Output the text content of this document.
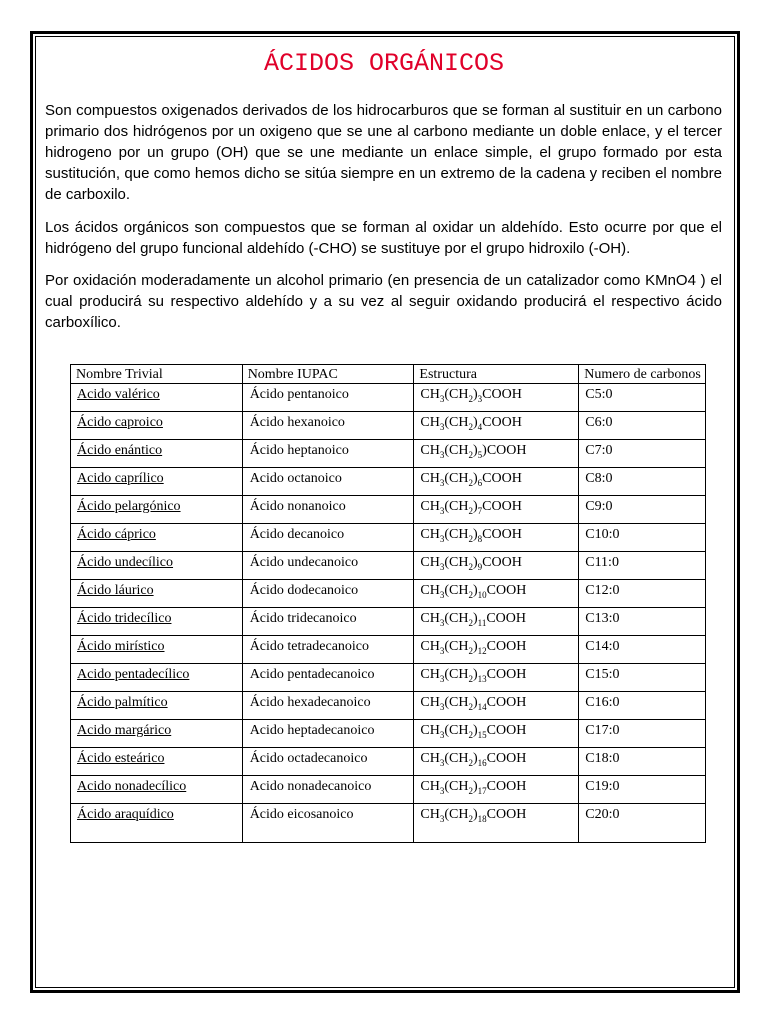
ÁCIDOS ORGÁNICOS

Son compuestos oxigenados derivados de los hidrocarburos que se forman al sustituir en un carbono primario dos hidrógenos por un oxigeno que se une al carbono mediante un doble enlace, y el tercer hidrogeno por un grupo (OH) que se une mediante un enlace simple, el grupo formado por esta sustitución, que como hemos dicho se sitúa siempre en un extremo de la cadena y reciben el nombre de carboxilo.

Los ácidos orgánicos son compuestos que se forman al oxidar un aldehído. Esto ocurre por que el hidrógeno del grupo funcional aldehído (-CHO) se sustituye por el grupo hidroxilo (-OH).

Por oxidación moderadamente un alcohol primario (en presencia de un catalizador como KMnO4 ) el cual producirá su respectivo aldehído y a su vez al seguir oxidando producirá el respectivo ácido carboxílico.

Nombre Trivial	Nombre IUPAC	Estructura	Numero de carbonos
Acido valérico	Ácido pentanoico	$CH_3(CH_2)_3COOH$	C5:0
Ácido caproico	Ácido hexanoico	$CH_3(CH_2)_4COOH$	C6:0
Ácido enántico	Ácido heptanoico	$CH_3(CH_2)_5)COOH$	C7:0
Acido caprílico	Acido octanoico	$CH_3(CH_2)_6COOH$	C8:0
Ácido pelargónico	Ácido nonanoico	$CH_3(CH_2)_7COOH$	C9:0
Ácido cáprico	Ácido decanoico	$CH_3(CH_2)_8COOH$	C10:0
Ácido undecílico	Ácido undecanoico	$CH_3(CH_2)_9COOH$	C11:0
Ácido láurico	Ácido dodecanoico	$CH_3(CH_2)_{10}COOH$	C12:0
Ácido tridecílico	Ácido tridecanoico	$CH_3(CH_2)_{11}COOH$	C13:0
Ácido mirístico	Ácido tetradecanoico	$CH_3(CH_2)_{12}COOH$	C14:0
Acido pentadecílico	Acido pentadecanoico	$CH_3(CH_2)_{13}COOH$	C15:0
Ácido palmítico	Ácido hexadecanoico	$CH_3(CH_2)_{14}COOH$	C16:0
Acido margárico	Acido heptadecanoico	$CH_3(CH_2)_{15}COOH$	C17:0
Ácido esteárico	Ácido octadecanoico	$CH_3(CH_2)_{16}COOH$	C18:0
Acido nonadecílico	Acido nonadecanoico	$CH_3(CH_2)_{17}COOH$	C19:0
Ácido araquídico	Ácido eicosanoico	$CH_3(CH_2)_{18}COOH$	C20:0
